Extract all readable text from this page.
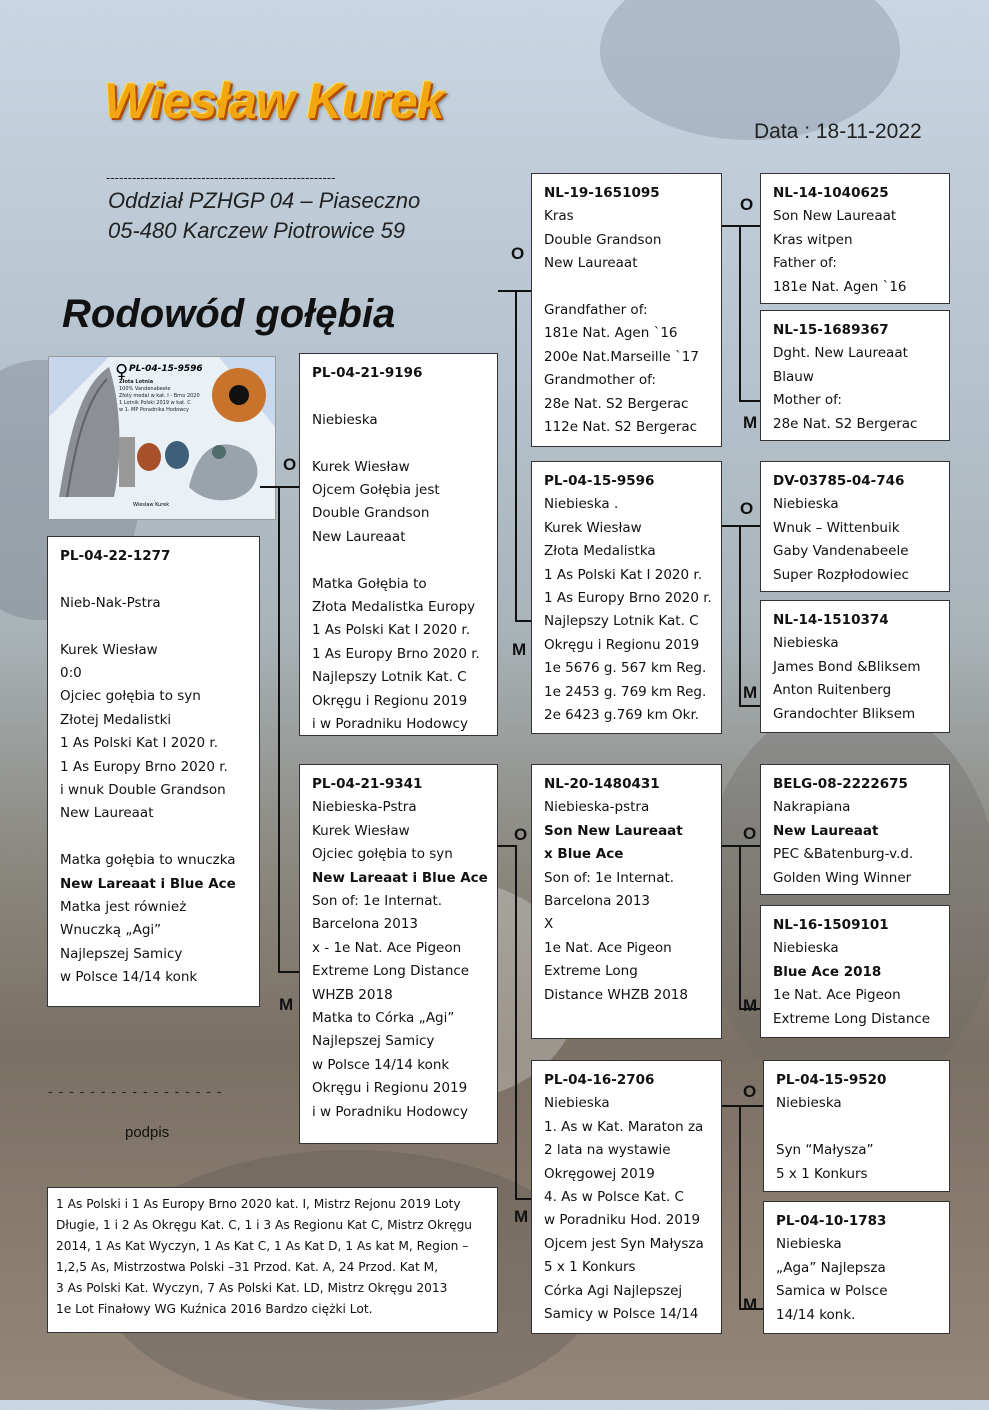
Wiesław Kurek
Data : 18-11-2022
-----------------------------------------------------
Oddział PZHGP 04 – Piaseczno
05-480 Karczew Piotrowice 59
Rodowód gołębia
♀ PL-04-15-9596
Złota Lotnia
100% Vandenabeele
Złoty medal w kat. I - Brno 2020
1 Lotnik Polski 2019 w kat. C
w 1. MP Poradnika Hodowcy
Wiesław Kurek
O
M
O
M
O
M
O
M
O
M
O
M
O
M
PL-04-22-1277
Nieb-Nak-Pstra
Kurek Wiesław
0:0
Ojciec gołębia to syn
Złotej Medalistki
1 As Polski Kat I 2020 r.
1 As Europy Brno 2020 r.
i wnuk Double Grandson
New Laureaat
Matka gołębia to wnuczka
New Lareaat i Blue Ace
Matka jest również
Wnuczką „Agi”
Najlepszej Samicy
w Polsce 14/14 konk
PL-04-21-9196
Niebieska
Kurek Wiesław
Ojcem Gołębia jest
Double Grandson
New Laureaat
Matka Gołębia to
Złota Medalistka Europy
1 As Polski Kat I 2020 r.
1 As Europy Brno 2020 r.
Najlepszy Lotnik Kat. C
Okręgu i Regionu 2019
i w Poradniku Hodowcy
PL-04-21-9341
Niebieska-Pstra
Kurek Wiesław
Ojciec gołębia to syn
New Lareaat i Blue Ace
Son of: 1e Internat.
Barcelona 2013
x - 1e Nat. Ace Pigeon
Extreme Long Distance
WHZB 2018
Matka to Córka „Agi”
Najlepszej Samicy
w Polsce 14/14 konk
Okręgu i Regionu 2019
i w Poradniku Hodowcy
NL-19-1651095
Kras
Double Grandson
New Laureaat
Grandfather of:
181e Nat. Agen `16
200e Nat.Marseille `17
Grandmother of:
28e Nat. S2 Bergerac
112e Nat. S2 Bergerac
PL-04-15-9596
Niebieska .
Kurek Wiesław
Złota Medalistka
1 As Polski Kat I 2020 r.
1 As Europy Brno 2020 r.
Najlepszy Lotnik Kat. C
Okręgu i Regionu 2019
1e 5676 g. 567 km Reg.
1e 2453 g. 769 km Reg.
2e 6423 g.769 km Okr.
NL-20-1480431
Niebieska-pstra
Son New Laureaat
x Blue Ace
Son of: 1e Internat.
Barcelona 2013
X
1e Nat. Ace Pigeon
Extreme Long
Distance WHZB 2018
PL-04-16-2706
Niebieska
1. As w Kat. Maraton za
2 lata na wystawie
Okręgowej 2019
4. As w Polsce Kat. C
w Poradniku Hod. 2019
Ojcem jest Syn Małysza
5 x 1 Konkurs
Córka Agi Najlepszej
Samicy w Polsce 14/14
NL-14-1040625
Son New Laureaat
Kras witpen
Father of:
181e Nat. Agen `16
NL-15-1689367
Dght. New Laureaat
Blauw
Mother of:
28e Nat. S2 Bergerac
DV-03785-04-746
Niebieska
Wnuk – Wittenbuik
Gaby Vandenabeele
Super Rozpłodowiec
NL-14-1510374
Niebieska
James Bond &Bliksem
Anton Ruitenberg
Grandochter Bliksem
BELG-08-2222675
Nakrapiana
New Laureaat
PEC &Batenburg-v.d.
Golden Wing Winner
NL-16-1509101
Niebieska
Blue Ace 2018
1e Nat. Ace Pigeon
Extreme Long Distance
PL-04-15-9520
Niebieska
Syn “Małysza”
5 x 1 Konkurs
PL-04-10-1783
Niebieska
„Aga” Najlepsza
Samica w Polsce
14/14 konk.
- - - - - - - - - - - - - - - - -
podpis
1 As Polski i 1 As Europy Brno 2020 kat. I, Mistrz Rejonu 2019 Loty
Długie, 1 i 2 As Okręgu Kat. C, 1 i 3 As Regionu Kat C, Mistrz Okręgu
2014, 1 As Kat Wyczyn, 1 As Kat C, 1 As Kat D, 1 As kat M, Region –
1,2,5 As, Mistrzostwa Polski –31 Przod. Kat. A, 24 Przod. Kat M,
3 As Polski Kat. Wyczyn, 7 As Polski Kat. LD, Mistrz Okręgu 2013
1e Lot Finałowy WG Kuźnica 2016 Bardzo ciężki Lot.
